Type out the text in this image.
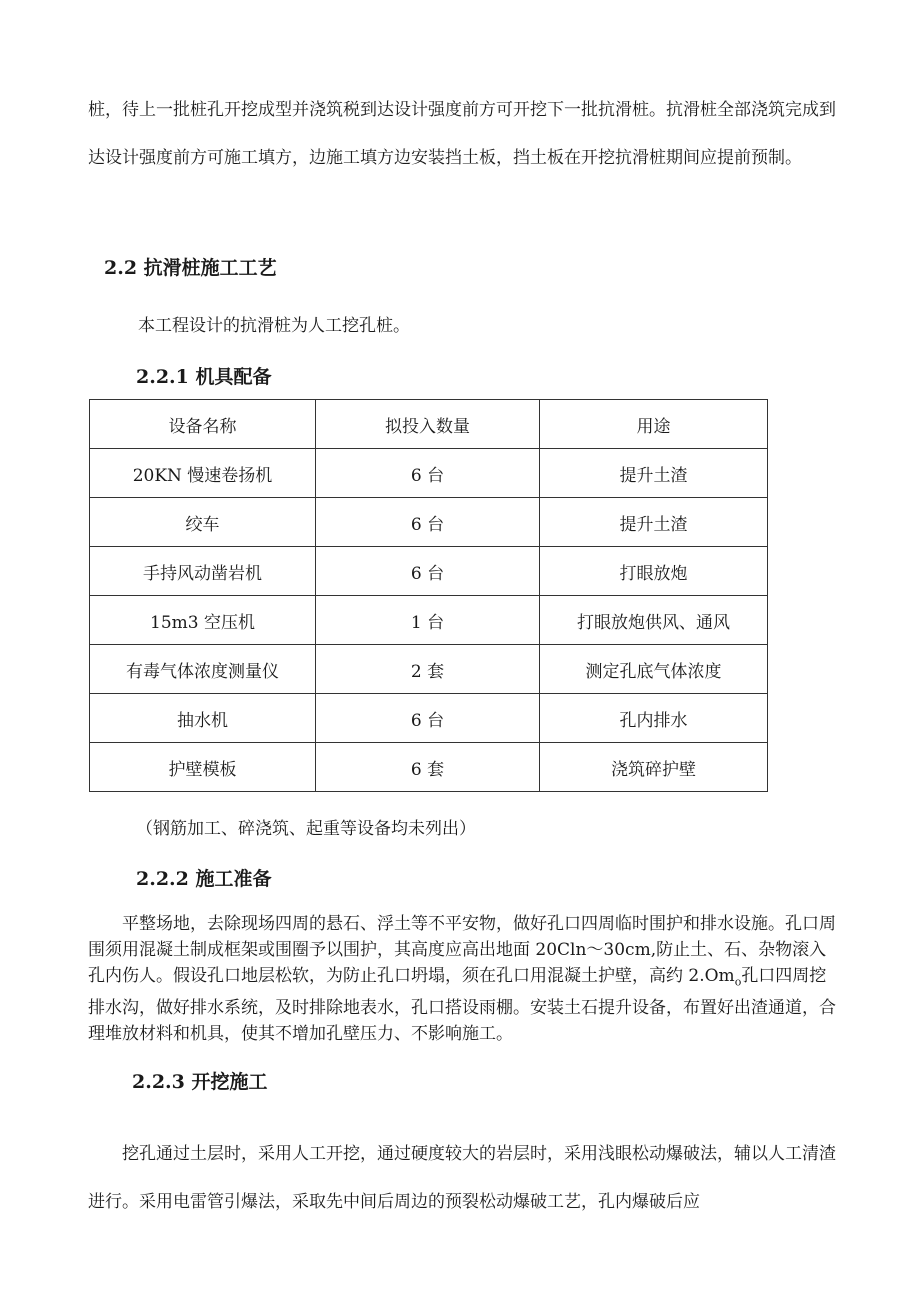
桩，待上一批桩孔开挖成型并浇筑税到达设计强度前方可开挖下一批抗滑桩。抗滑桩全部浇筑完成到达设计强度前方可施工填方，边施工填方边安装挡土板，挡土板在开挖抗滑桩期间应提前预制。

2.2 抗滑桩施工工艺

本工程设计的抗滑桩为人工挖孔桩。

2.2.1 机具配备
设备名称	拟投入数量	用途
20KN 慢速卷扬机	6 台	提升土渣
绞车	6 台	提升土渣
手持风动凿岩机	6 台	打眼放炮
15m3 空压机	1 台	打眼放炮供风、通风
有毒气体浓度测量仪	2 套	测定孔底气体浓度
抽水机	6 台	孔内排水
护壁模板	6 套	浇筑碎护壁

（钢筋加工、碎浇筑、起重等设备均未列出）

2.2.2 施工准备

平整场地，去除现场四周的悬石、浮土等不平安物，做好孔口四周临时围护和排水设施。孔口周围须用混凝土制成框架或围圈予以围护，其高度应高出地面 20Cln～30cm,防止土、石、杂物滚入孔内伤人。假设孔口地层松软，为防止孔口坍塌，须在孔口用混凝土护壁，高约 $2.Om_o$孔口四周挖排水沟，做好排水系统，及时排除地表水，孔口搭设雨棚。安装土石提升设备，布置好出渣通道，合理堆放材料和机具，使其不增加孔壁压力、不影响施工。

2.2.3 开挖施工

挖孔通过土层时，采用人工开挖，通过硬度较大的岩层时，采用浅眼松动爆破法，辅以人工清渣进行。采用电雷管引爆法，采取先中间后周边的预裂松动爆破工艺，孔内爆破后应
